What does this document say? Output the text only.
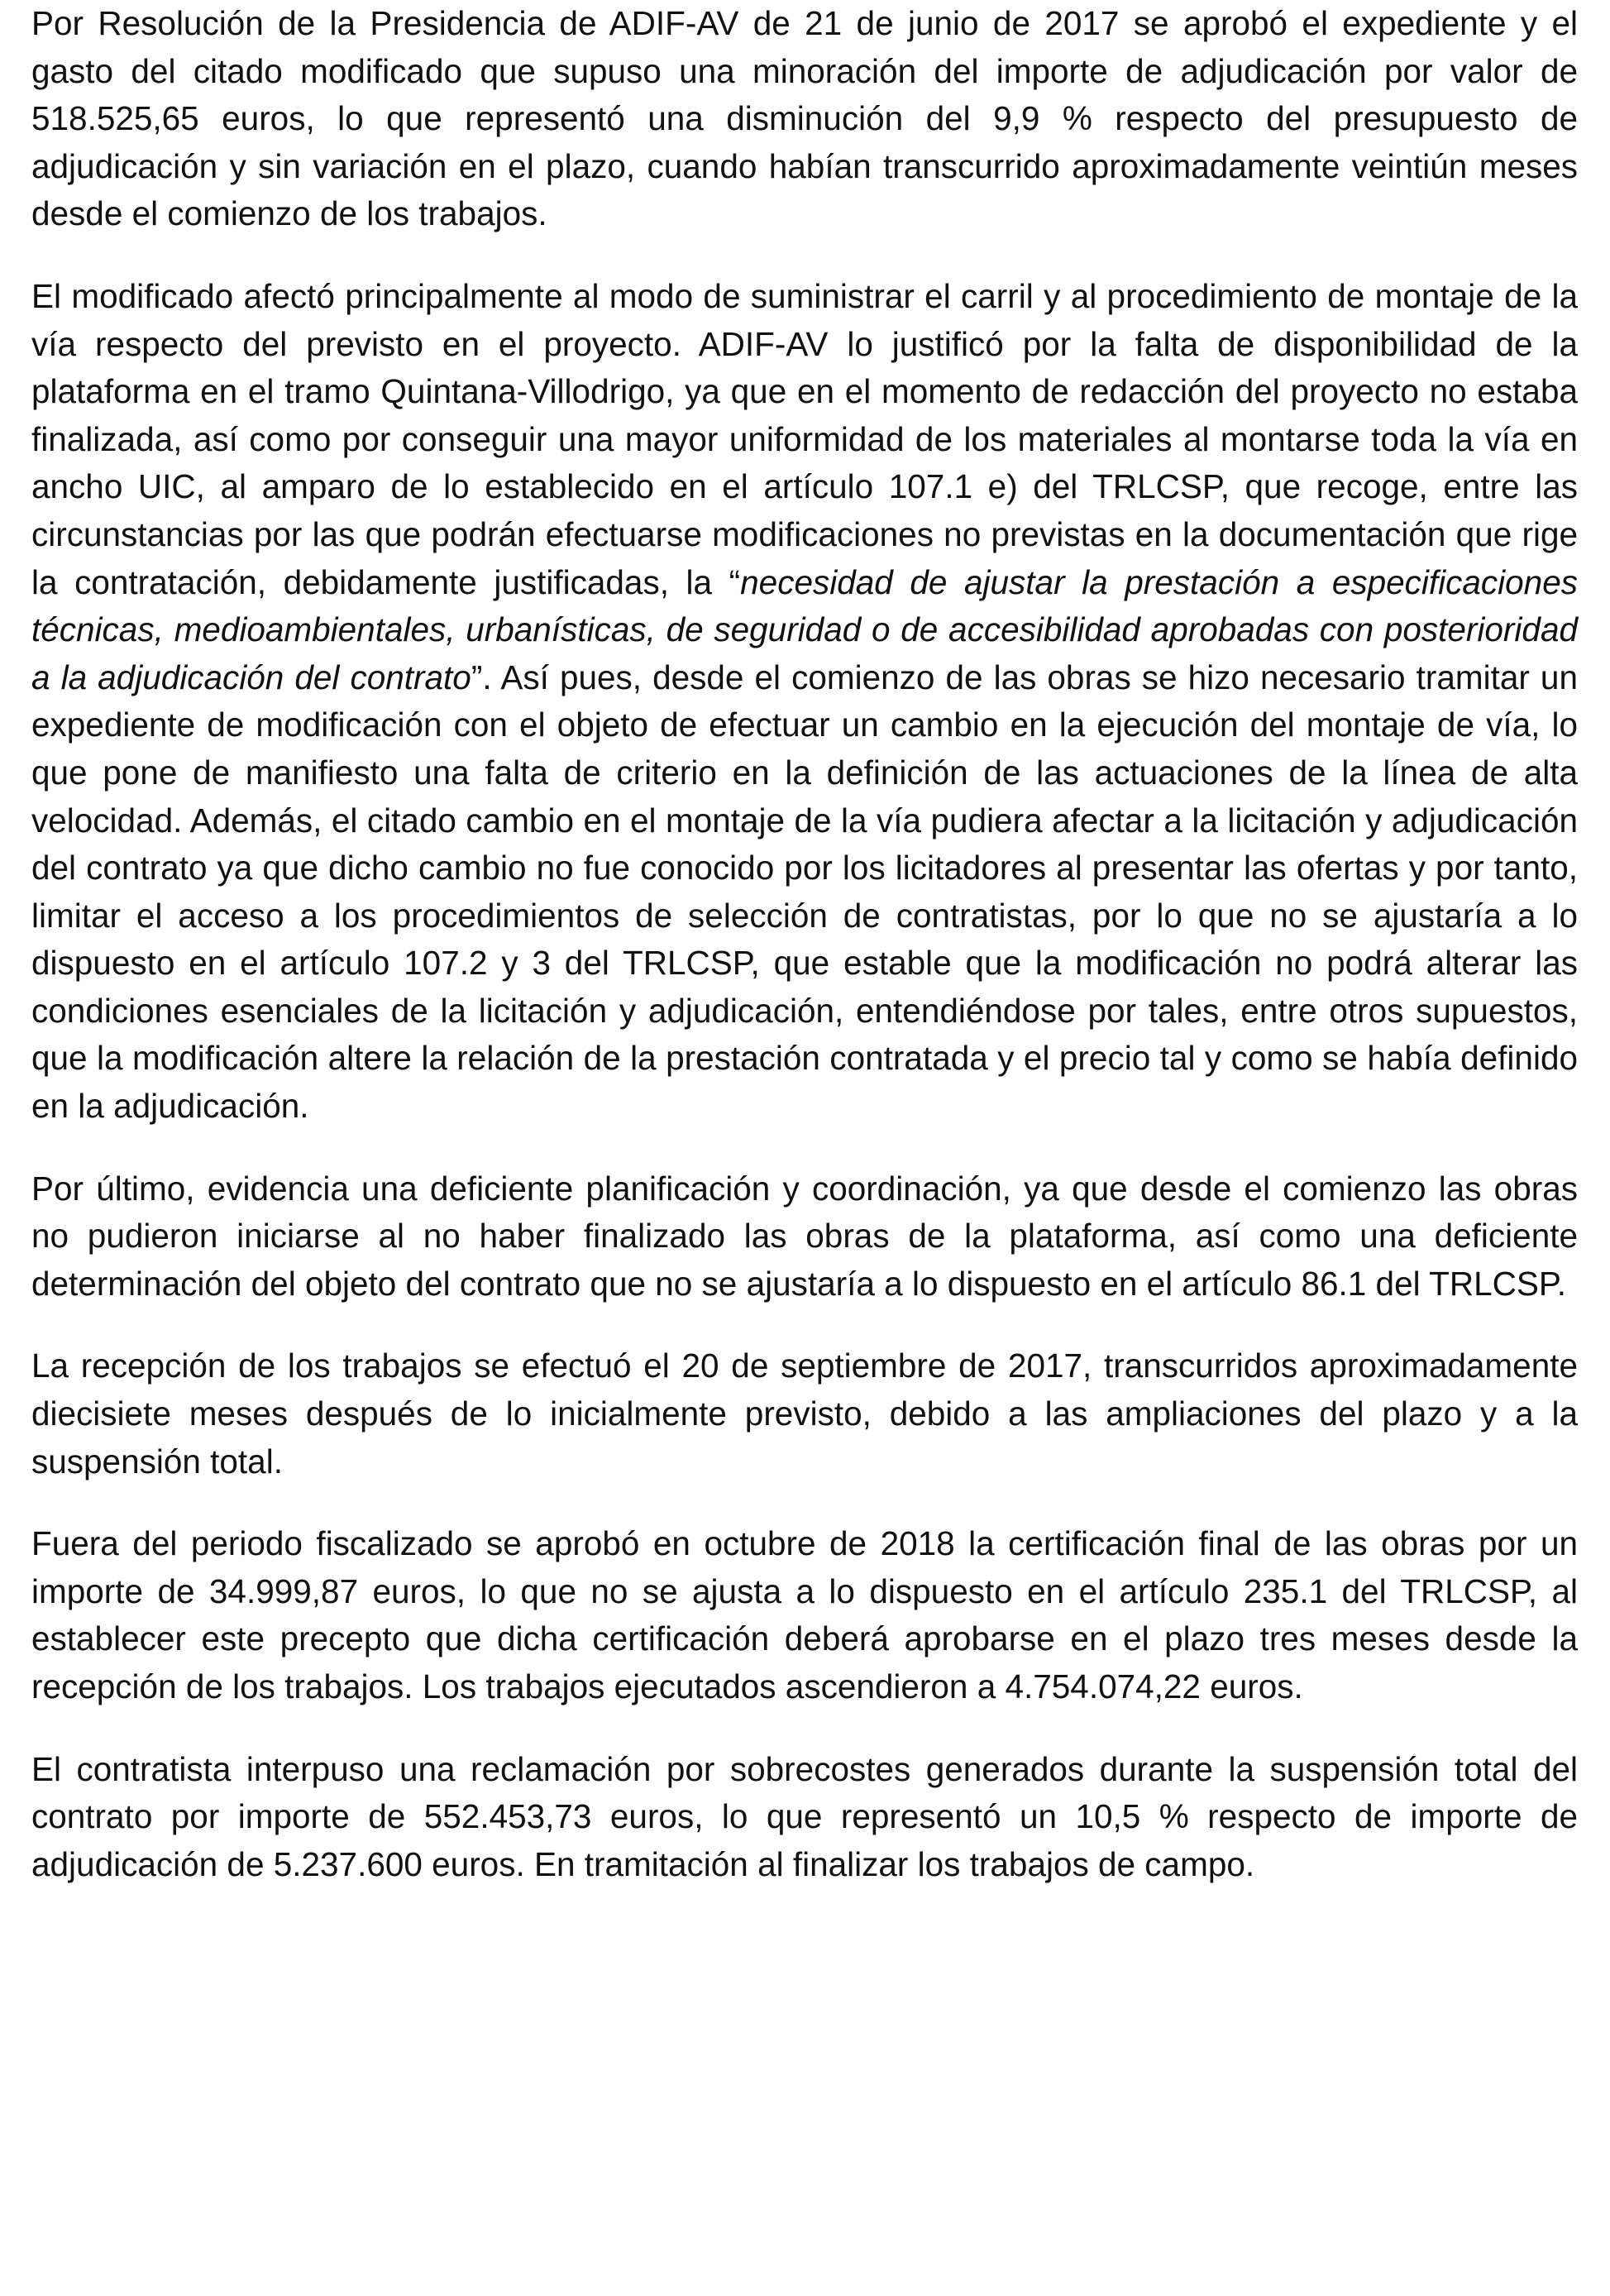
Por Resolución de la Presidencia de ADIF-AV de 21 de junio de 2017 se aprobó el expediente y el gasto del citado modificado que supuso una minoración del importe de adjudicación por valor de 518.525,65 euros, lo que representó una disminución del 9,9 % respecto del presupuesto de adjudicación y sin variación en el plazo, cuando habían transcurrido aproximadamente veintiún meses desde el comienzo de los trabajos.

El modificado afectó principalmente al modo de suministrar el carril y al procedimiento de montaje de la vía respecto del previsto en el proyecto. ADIF-AV lo justificó por la falta de disponibilidad de la plataforma en el tramo Quintana-Villodrigo, ya que en el momento de redacción del proyecto no estaba finalizada, así como por conseguir una mayor uniformidad de los materiales al montarse toda la vía en ancho UIC, al amparo de lo establecido en el artículo 107.1 e) del TRLCSP, que recoge, entre las circunstancias por las que podrán efectuarse modificaciones no previstas en la documentación que rige la contratación, debidamente justificadas, la “necesidad de ajustar la prestación a especificaciones técnicas, medioambientales, urbanísticas, de seguridad o de accesibilidad aprobadas con posterioridad a la adjudicación del contrato”. Así pues, desde el comienzo de las obras se hizo necesario tramitar un expediente de modificación con el objeto de efectuar un cambio en la ejecución del montaje de vía, lo que pone de manifiesto una falta de criterio en la definición de las actuaciones de la línea de alta velocidad. Además, el citado cambio en el montaje de la vía pudiera afectar a la licitación y adjudicación del contrato ya que dicho cambio no fue conocido por los licitadores al presentar las ofertas y por tanto, limitar el acceso a los procedimientos de selección de contratistas, por lo que no se ajustaría a lo dispuesto en el artículo 107.2 y 3 del TRLCSP, que estable que la modificación no podrá alterar las condiciones esenciales de la licitación y adjudicación, entendiéndose por tales, entre otros supuestos, que la modificación altere la relación de la prestación contratada y el precio tal y como se había definido en la adjudicación.

Por último, evidencia una deficiente planificación y coordinación, ya que desde el comienzo las obras no pudieron iniciarse al no haber finalizado las obras de la plataforma, así como una deficiente determinación del objeto del contrato que no se ajustaría a lo dispuesto en el artículo 86.1 del TRLCSP.

La recepción de los trabajos se efectuó el 20 de septiembre de 2017, transcurridos aproximadamente diecisiete meses después de lo inicialmente previsto, debido a las ampliaciones del plazo y a la suspensión total.

Fuera del periodo fiscalizado se aprobó en octubre de 2018 la certificación final de las obras por un importe de 34.999,87 euros, lo que no se ajusta a lo dispuesto en el artículo 235.1 del TRLCSP, al establecer este precepto que dicha certificación deberá aprobarse en el plazo tres meses desde la recepción de los trabajos. Los trabajos ejecutados ascendieron a 4.754.074,22 euros.

El contratista interpuso una reclamación por sobrecostes generados durante la suspensión total del contrato por importe de 552.453,73 euros, lo que representó un 10,5 % respecto de importe de adjudicación de 5.237.600 euros. En tramitación al finalizar los trabajos de campo.
